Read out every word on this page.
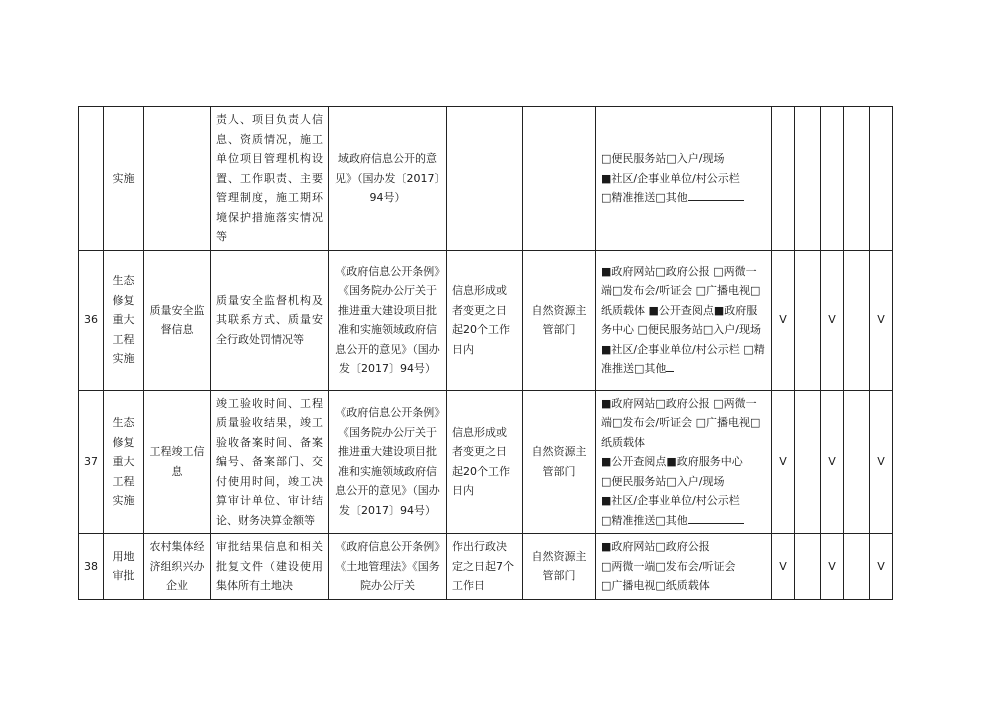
	实施		责人、项目负责人信息、资质情况，施工单位项目管理机构设置、工作职责、主要管理制度，施工期环境保护措施落实情况等	域政府信息公开的意见》（国办发〔2017〕94号）			□便民服务站□入户/现场
■社区/企事业单位/村公示栏
□精准推送□其他					

36	生态修复重大工程实施	质量安全监督信息	质量安全监督机构及其联系方式、质量安全行政处罚情况等	《政府信息公开条例》《国务院办公厅关于推进重大建设项目批准和实施领域政府信息公开的意见》（国办发〔2017〕94号）	信息形成或者变更之日起20个工作日内	自然资源主管部门	■政府网站□政府公报 □两微一端□发布会/听证会 □广播电视□纸质载体 ■公开查阅点■政府服务中心 □便民服务站□入户/现场 ■社区/企事业单位/村公示栏 □精准推送□其他	V		V		V
37	生态修复重大工程实施	工程竣工信息	竣工验收时间、工程质量验收结果，竣工验收备案时间、备案编号、备案部门、交付使用时间，竣工决算审计单位、审计结论、财务决算金额等	《政府信息公开条例》《国务院办公厅关于推进重大建设项目批准和实施领域政府信息公开的意见》（国办发〔2017〕94号）	信息形成或者变更之日起20个工作日内	自然资源主管部门	■政府网站□政府公报 □两微一端□发布会/听证会 □广播电视□纸质载体
■公开查阅点■政府服务中心
□便民服务站□入户/现场
■社区/企事业单位/村公示栏
□精准推送□其他	V		V		V
38	用地审批	农村集体经济组织兴办企业	审批结果信息和相关批复文件（建设使用集体所有土地决	《政府信息公开条例》《土地管理法》《国务院办公厅关	作出行政决定之日起7个工作日	自然资源主管部门	■政府网站□政府公报
□两微一端□发布会/听证会
□广播电视□纸质载体	V		V		V
